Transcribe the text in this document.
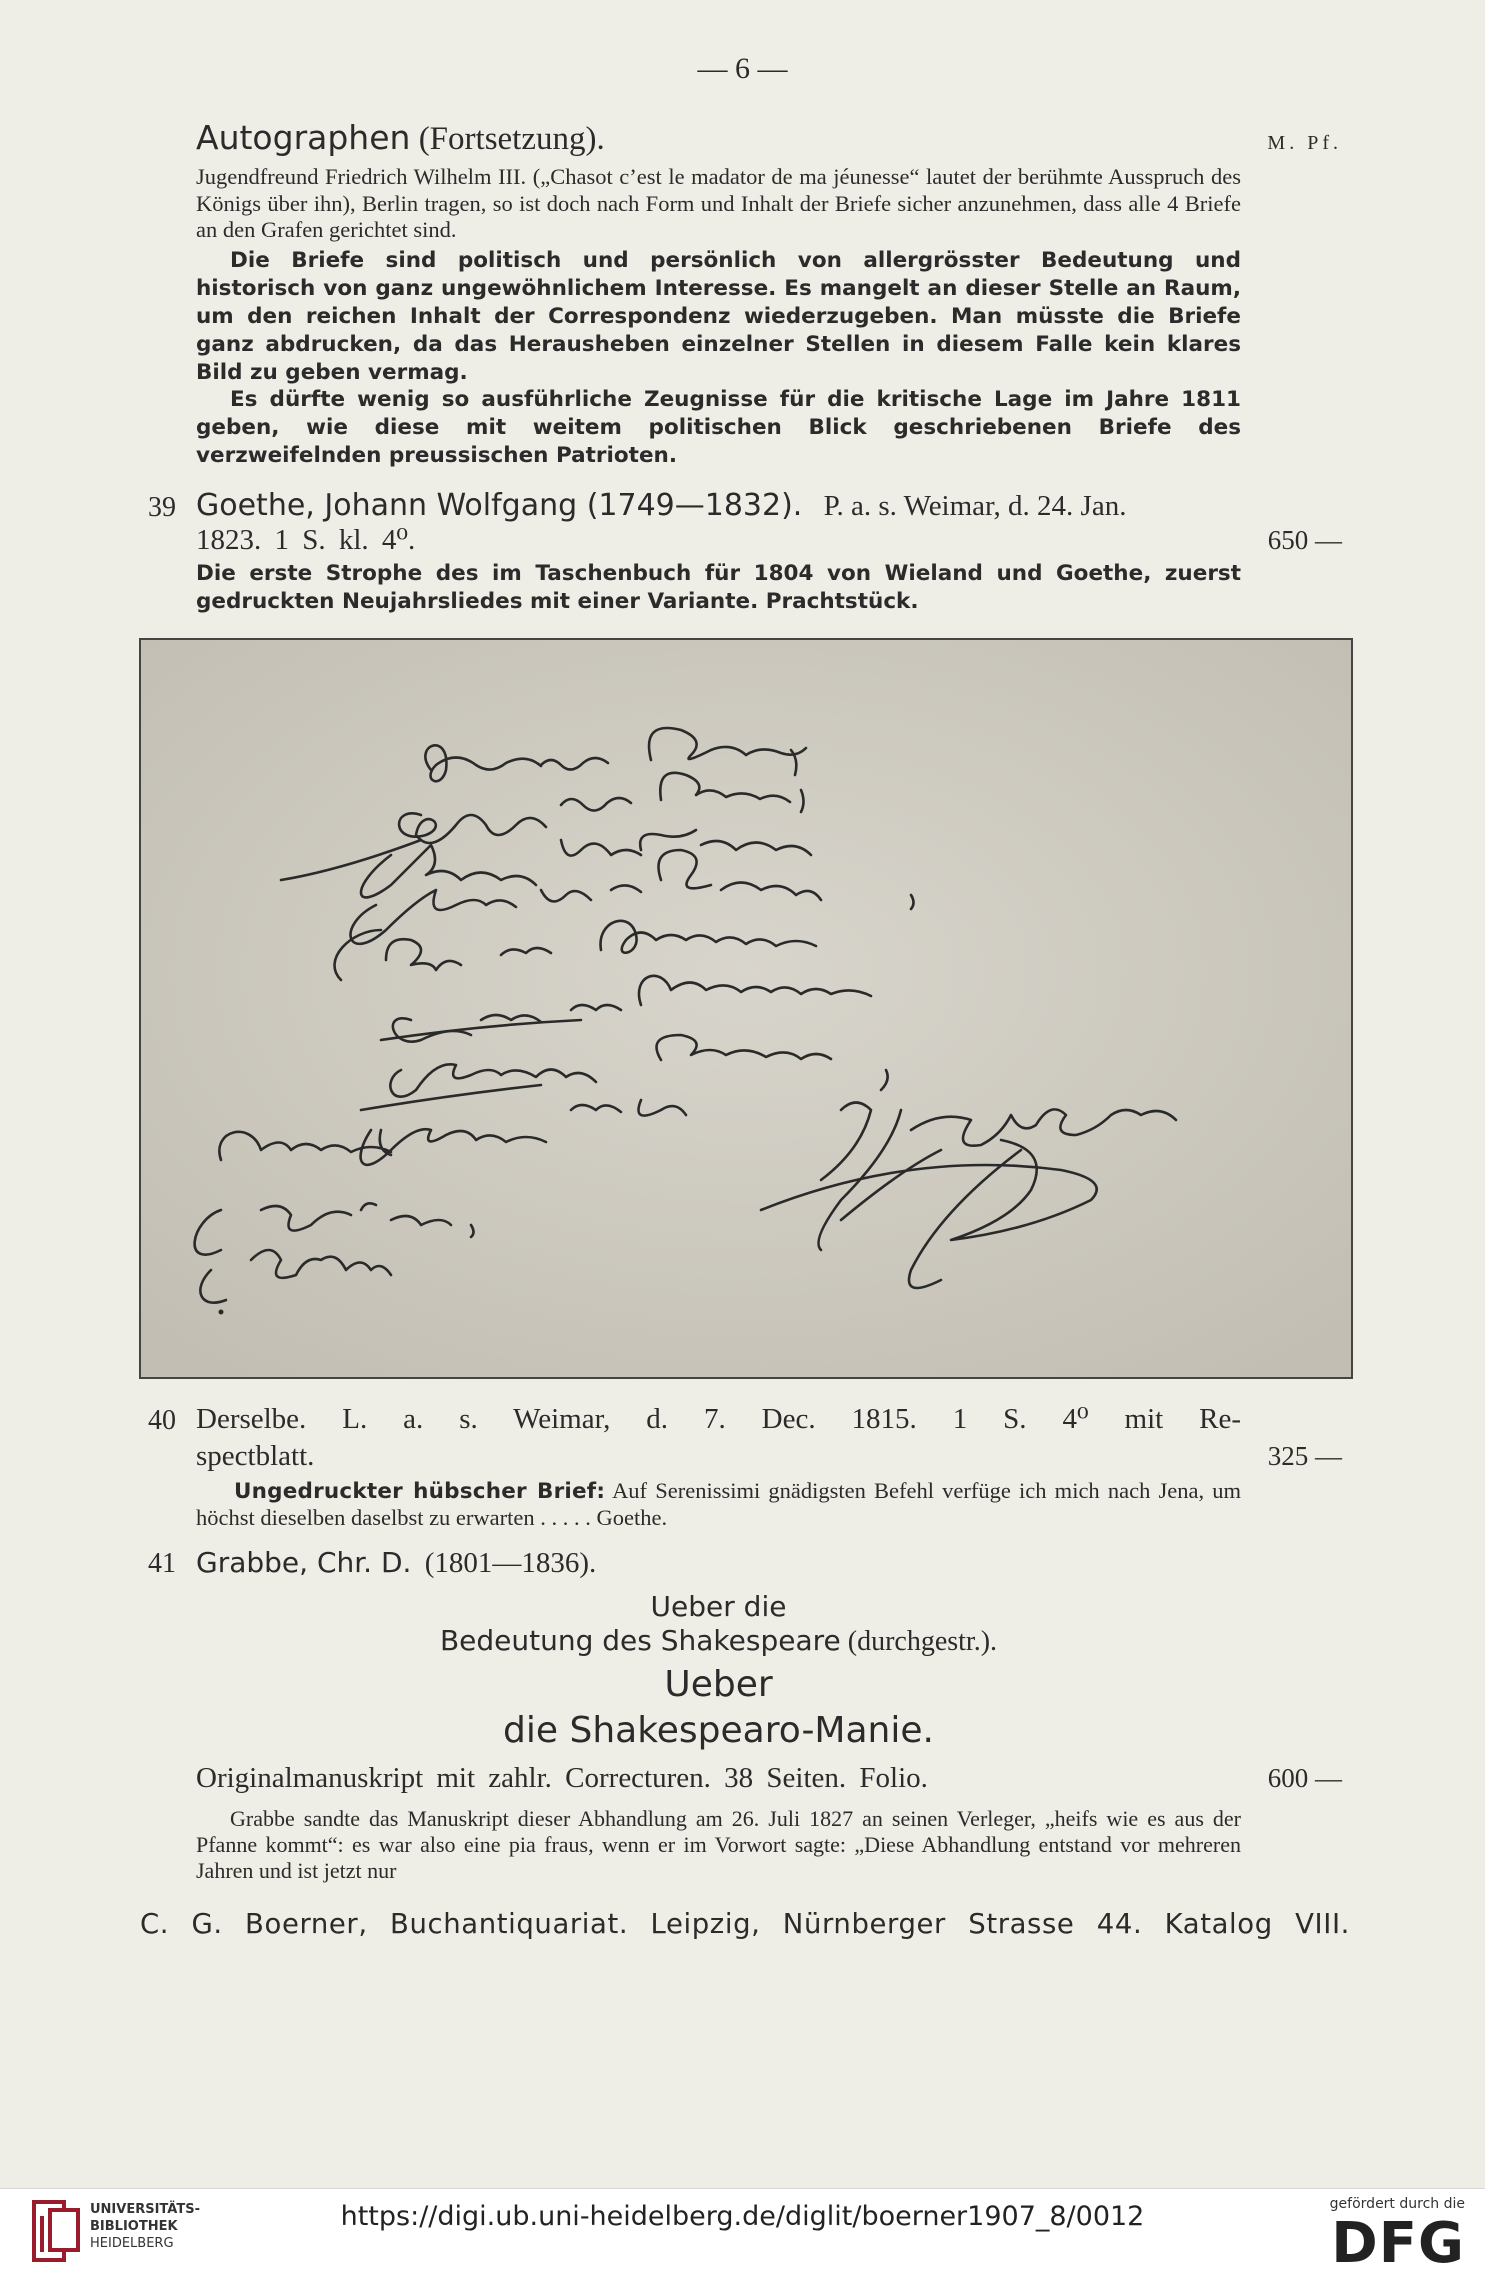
— 6 —
Autographen (Fortsetzung).	M. Pf.
Jugendfreund Friedrich Wilhelm III. („Chasot c’est le madator de ma jéunesse“ lautet der berühmte Ausspruch des Königs über ihn), Berlin tragen, so ist doch nach Form und Inhalt der Briefe sicher anzunehmen, dass alle 4 Briefe an den Grafen gerichtet sind.
Die Briefe sind politisch und persönlich von allergrösster Bedeutung und historisch von ganz ungewöhnlichem Interesse. Es mangelt an dieser Stelle an Raum, um den reichen Inhalt der Correspondenz wiederzugeben. Man müsste die Briefe ganz abdrucken, da das Herausheben einzelner Stellen in diesem Falle kein klares Bild zu geben vermag.
Es dürfte wenig so ausführliche Zeugnisse für die kritische Lage im Jahre 1811 geben, wie diese mit weitem politischen Blick geschriebenen Briefe des verzweifelnden preussischen Patrioten.
39 Goethe, Johann Wolfgang (1749—1832). P. a. s. Weimar, d. 24. Jan.
1823. 1 S. kl. 4⁰.	650 —
Die erste Strophe des im Taschenbuch für 1804 von Wieland und Goethe, zuerst gedruckten Neujahrsliedes mit einer Variante. Prachtstück.
40 Derselbe. L. a. s. Weimar, d. 7. Dec. 1815. 1 S. 4⁰ mit Re-
spectblatt.	325 —
Ungedruckter hübscher Brief: Auf Serenissimi gnädigsten Befehl verfüge ich mich nach Jena, um höchst dieselben daselbst zu erwarten . . . . . Goethe.
41 Grabbe, Chr. D. (1801—1836).
Ueber die
Bedeutung des Shakespeare (durchgestr.).
Ueber
die Shakespearo-Manie.
Originalmanuskript mit zahlr. Correcturen. 38 Seiten. Folio.	600 —
Grabbe sandte das Manuskript dieser Abhandlung am 26. Juli 1827 an seinen Verleger, „heifs wie es aus der Pfanne kommt“: es war also eine pia fraus, wenn er im Vorwort sagte: „Diese Abhandlung entstand vor mehreren Jahren und ist jetzt nur
C. G. Boerner, Buchantiquariat. Leipzig, Nürnberger Strasse 44. Katalog VIII.
UNIVERSITÄTS-
BIBLIOTHEK
HEIDELBERG
https://digi.ub.uni-heidelberg.de/diglit/boerner1907_8/0012	gefördert durch die
DFG
